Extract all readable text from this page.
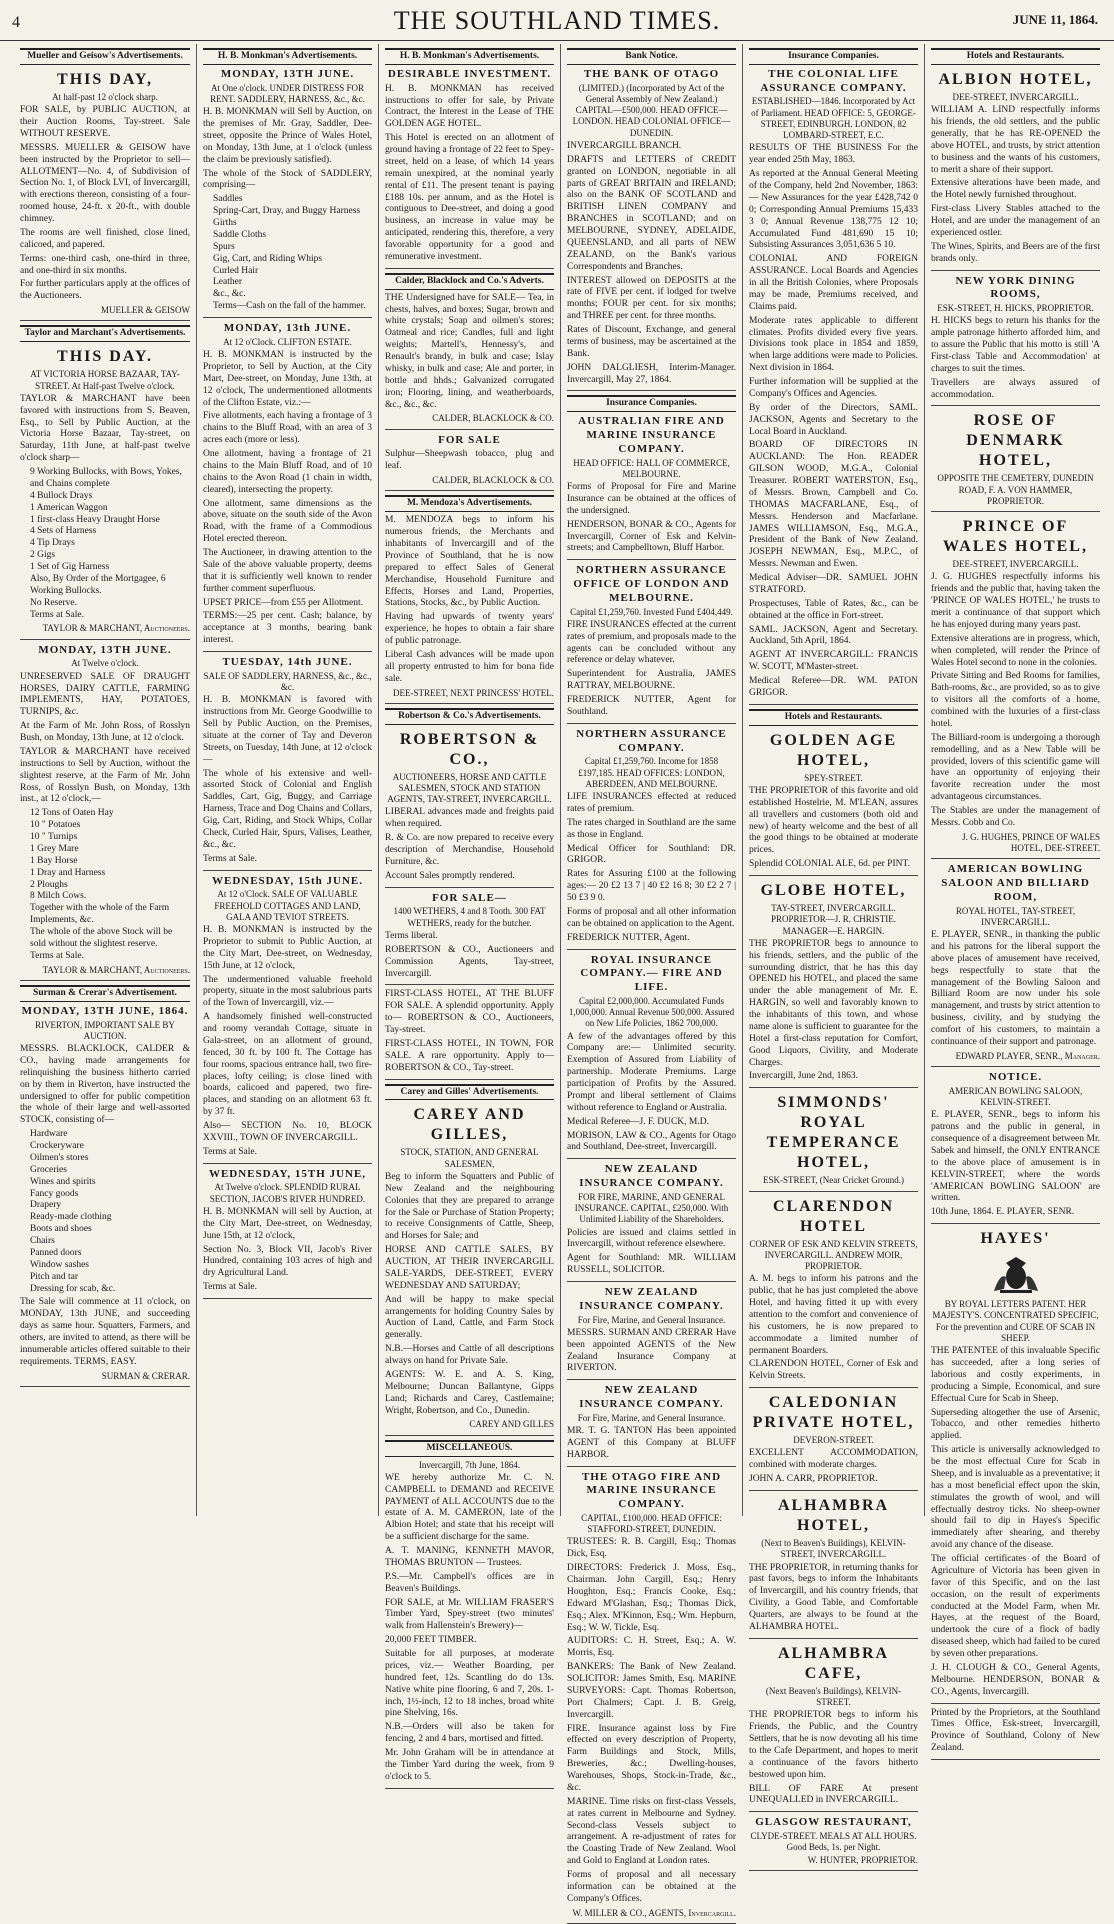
4	THE SOUTHLAND TIMES.	JUNE 11, 1864.
Mueller and Geisow's Advertisements.
THIS DAY,
At half-past 12 o'clock sharp.
FOR SALE, by PUBLIC AUCTION, at their Auction Rooms, Tay-street. Sale WITHOUT RESERVE.
MESSRS. MUELLER & GEISOW have been instructed by the Proprietor to sell— ALLOTMENT—No. 4, of Subdivision of Section No. 1, of Block LVI, of Invercargill, with erections thereon, consisting of a four-roomed house, 24-ft. x 20-ft., with double chimney.
The rooms are well finished, close lined, calicoed, and papered.
Terms: one-third cash, one-third in three, and one-third in six months.
For further particulars apply at the offices of the Auctioneers.
MUELLER & GEISOW
Taylor and Marchant's Advertisements.
THIS DAY.
AT VICTORIA HORSE BAZAAR, TAY-STREET. At Half-past Twelve o'clock.
TAYLOR & MARCHANT have been favored with instructions from S. Beaven, Esq., to Sell by Public Auction, at the Victoria Horse Bazaar, Tay-street, on Saturday, 11th June, at half-past twelve o'clock sharp—
9 Working Bullocks, with Bows, Yokes, and Chains complete
4 Bullock Drays
1 American Waggon
1 first-class Heavy Draught Horse
4 Sets of Harness
4 Tip Drays
2 Gigs
1 Set of Gig Harness
Also, By Order of the Mortgagee, 6 Working Bullocks.
No Reserve.
Terms at Sale.
TAYLOR & MARCHANT, Auctioneers.
MONDAY, 13TH JUNE.
At Twelve o'clock.
UNRESERVED SALE OF DRAUGHT HORSES, DAIRY CATTLE, FARMING IMPLEMENTS, HAY, POTATOES, TURNIPS, &c.
At the Farm of Mr. John Ross, of Rosslyn Bush, on Monday, 13th June, at 12 o'clock.
TAYLOR & MARCHANT have received instructions to Sell by Auction, without the slightest reserve, at the Farm of Mr. John Ross, of Rosslyn Bush, on Monday, 13th inst., at 12 o'clock,—
12 Tons of Oaten Hay
10 " Potatoes
10 " Turnips
1 Grey Mare
1 Bay Horse
1 Dray and Harness
2 Ploughs
8 Milch Cows.
Together with the whole of the Farm Implements, &c.
The whole of the above Stock will be sold without the slightest reserve.
Terms at Sale.
TAYLOR & MARCHANT, Auctioneers.
Surman & Crerar's Advertisement.
MONDAY, 13TH JUNE, 1864.
RIVERTON, IMPORTANT SALE BY AUCTION.
MESSRS. BLACKLOCK, CALDER & CO., having made arrangements for relinquishing the business hitherto carried on by them in Riverton, have instructed the undersigned to offer for public competition the whole of their large and well-assorted STOCK, consisting of—
Hardware
Crockeryware
Oilmen's stores
Groceries
Wines and spirits
Fancy goods
Drapery
Ready-made clothing
Boots and shoes
Chairs
Panned doors
Window sashes
Pitch and tar
Dressing for scab, &c.
The Sale will commence at 11 o'clock, on MONDAY, 13th JUNE, and succeeding days as same hour. Squatters, Farmers, and others, are invited to attend, as there will be innumerable articles offered suitable to their requirements. TERMS, EASY.
SURMAN & CRERAR.
H. B. Monkman's Advertisements.
MONDAY, 13TH JUNE.
At One o'clock. UNDER DISTRESS FOR RENT. SADDLERY, HARNESS, &c., &c.
H. B. MONKMAN will Sell by Auction, on the premises of Mr. Gray, Saddler, Dee-street, opposite the Prince of Wales Hotel, on Monday, 13th June, at 1 o'clock (unless the claim be previously satisfied).
The whole of the Stock of SADDLERY, comprising—
Saddles
Spring-Cart, Dray, and Buggy Harness
Girths
Saddle Cloths
Spurs
Gig, Cart, and Riding Whips
Curled Hair
Leather
&c., &c.
Terms—Cash on the fall of the hammer.
MONDAY, 13th JUNE.
At 12 o'Clock. CLIFTON ESTATE.
H. B. MONKMAN is instructed by the Proprietor, to Sell by Auction, at the City Mart, Dee-street, on Monday, June 13th, at 12 o'clock, The undermentioned allotments of the Clifton Estate, viz.:—
Five allotments, each having a frontage of 3 chains to the Bluff Road, with an area of 3 acres each (more or less).
One allotment, having a frontage of 21 chains to the Main Bluff Road, and of 10 chains to the Avon Road (1 chain in width, cleared), intersecting the property.
One allotment, same dimensions as the above, situate on the south side of the Avon Road, with the frame of a Commodious Hotel erected thereon.
The Auctioneer, in drawing attention to the Sale of the above valuable property, deems that it is sufficiently well known to render further comment superfluous.
UPSET PRICE—from £55 per Allotment.
TERMS:—25 per cent. Cash; balance, by acceptance at 3 months, bearing bank interest.
TUESDAY, 14th JUNE.
SALE OF SADDLERY, HARNESS, &c., &c., &c.
H. B. MONKMAN is favored with instructions from Mr. George Goodwillie to Sell by Public Auction, on the Premises, situate at the corner of Tay and Deveron Streets, on Tuesday, 14th June, at 12 o'clock—
The whole of his extensive and well-assorted Stock of Colonial and English Saddles, Cart, Gig, Buggy, and Carriage Harness, Trace and Dog Chains and Collars, Gig, Cart, Riding, and Stock Whips, Collar Check, Curled Hair, Spurs, Valises, Leather, &c., &c.
Terms at Sale.
WEDNESDAY, 15th JUNE.
At 12 o'Clock. SALE OF VALUABLE FREEHOLD COTTAGES AND LAND, GALA AND TEVIOT STREETS.
H. B. MONKMAN is instructed by the Proprietor to submit to Public Auction, at the City Mart, Dee-street, on Wednesday, 15th June, at 12 o'clock,
The undermentioned valuable freehold property, situate in the most salubrious parts of the Town of Invercargill, viz.—
A handsomely finished well-constructed and roomy verandah Cottage, situate in Gala-street, on an allotment of ground, fenced, 30 ft. by 100 ft. The Cottage has four rooms, spacious entrance hall, two fire-places, lofty ceiling; is close lined with boards, calicoed and papered, two fire-places, and standing on an allotment 63 ft. by 37 ft.
Also— SECTION No. 10, BLOCK XXVIII., TOWN OF INVERCARGILL.
Terms at Sale.
WEDNESDAY, 15TH JUNE,
At Twelve o'clock. SPLENDID RURAL SECTION, JACOB'S RIVER HUNDRED.
H. B. MONKMAN will sell by Auction, at the City Mart, Dee-street, on Wednesday, June 15th, at 12 o'clock,
Section No. 3, Block VII, Jacob's River Hundred, containing 103 acres of high and dry Agricultural Land.
Terms at Sale.
H. B. Monkman's Advertisements.
DESIRABLE INVESTMENT.
H. B. MONKMAN has received instructions to offer for sale, by Private Contract, the Interest in the Lease of THE GOLDEN AGE HOTEL.
This Hotel is erected on an allotment of ground having a frontage of 22 feet to Spey-street, held on a lease, of which 14 years remain unexpired, at the nominal yearly rental of £11. The present tenant is paying £188 10s. per annum, and as the Hotel is contiguous to Dee-street, and doing a good business, an increase in value may be anticipated, rendering this, therefore, a very favorable opportunity for a good and remunerative investment.
Calder, Blacklock and Co.'s Adverts.
THE Undersigned have for SALE— Tea, in chests, halves, and boxes; Sugar, brown and white crystals; Soap and oilmen's stores; Oatmeal and rice; Candles, full and light weights; Martell's, Hennessy's, and Renault's brandy, in bulk and case; Islay whisky, in bulk and case; Ale and porter, in bottle and hhds.; Galvanized corrugated iron; Flooring, lining, and weatherboards, &c., &c., &c.
CALDER, BLACKLOCK & CO.
FOR SALE
Sulphur—Sheepwash tobacco, plug and leaf.
CALDER, BLACKLOCK & CO.
M. Mendoza's Advertisements.
M. MENDOZA begs to inform his numerous friends, the Merchants and inhabitants of Invercargill and of the Province of Southland, that he is now prepared to effect Sales of General Merchandise, Household Furniture and Effects, Horses and Land, Properties, Stations, Stocks, &c., by Public Auction.
Having had upwards of twenty years' experience, he hopes to obtain a fair share of public patronage.
Liberal Cash advances will be made upon all property entrusted to him for bona fide sale.
DEE-STREET, NEXT PRINCESS' HOTEL.
Robertson & Co.'s Advertisements.
ROBERTSON & CO.,
AUCTIONEERS, HORSE AND CATTLE SALESMEN, STOCK AND STATION AGENTS, TAY-STREET, INVERCARGILL.
LIBERAL advances made and freights paid when required.
R. & Co. are now prepared to receive every description of Merchandise, Household Furniture, &c.
Account Sales promptly rendered.
FOR SALE—
1400 WETHERS, 4 and 8 Tooth. 300 FAT WETHERS, ready for the butcher.
Terms liberal.
ROBERTSON & CO., Auctioneers and Commission Agents, Tay-street, Invercargill.
FIRST-CLASS HOTEL, AT THE BLUFF FOR SALE. A splendid opportunity. Apply to— ROBERTSON & CO., Auctioneers, Tay-street.
FIRST-CLASS HOTEL, IN TOWN, FOR SALE. A rare opportunity. Apply to— ROBERTSON & CO., Tay-street.
Carey and Gilles' Advertisements.
CAREY AND GILLES,
STOCK, STATION, AND GENERAL SALESMEN,
Beg to inform the Squatters and Public of New Zealand and the neighbouring Colonies that they are prepared to arrange for the Sale or Purchase of Station Property; to receive Consignments of Cattle, Sheep, and Horses for Sale; and
HORSE AND CATTLE SALES, BY AUCTION, AT THEIR INVERCARGILL SALE-YARDS, DEE-STREET, EVERY WEDNESDAY AND SATURDAY;
And will be happy to make special arrangements for holding Country Sales by Auction of Land, Cattle, and Farm Stock generally.
N.B.—Horses and Cattle of all descriptions always on hand for Private Sale.
AGENTS: W. E. and A. S. King, Melbourne; Duncan Ballantyne, Gipps Land; Richards and Carey, Castlemaine; Wright, Robertson, and Co., Dunedin.
CAREY AND GILLES
MISCELLANEOUS.
Invercargill, 7th June, 1864.
WE hereby authorize Mr. C. N. CAMPBELL to DEMAND and RECEIVE PAYMENT of ALL ACCOUNTS due to the estate of A. M. CAMERON, late of the Albion Hotel; and state that his receipt will be a sufficient discharge for the same.
A. T. MANING, KENNETH MAVOR, THOMAS BRUNTON — Trustees.
P.S.—Mr. Campbell's offices are in Beaven's Buildings.
FOR SALE, at Mr. WILLIAM FRASER'S Timber Yard, Spey-street (two minutes' walk from Hallenstein's Brewery)—
20,000 FEET TIMBER.
Suitable for all purposes, at moderate prices, viz.— Weather Boarding, per hundred feet, 12s. Scantling do do 13s. Native white pine flooring, 6 and 7, 20s. 1-inch, 1½-inch, 12 to 18 inches, broad white pine Shelving, 16s.
N.B.—Orders will also be taken for fencing, 2 and 4 bars, mortised and fitted.
Mr. John Graham will be in attendance at the Timber Yard during the week, from 9 o'clock to 5.
Bank Notice.
THE BANK OF OTAGO
(LIMITED.) (Incorporated by Act of the General Assembly of New Zealand.) CAPITAL—£500,000. HEAD OFFICE—LONDON. HEAD COLONIAL OFFICE—DUNEDIN.
INVERCARGILL BRANCH.
DRAFTS and LETTERS of CREDIT granted on LONDON, negotiable in all parts of GREAT BRITAIN and IRELAND; also on the BANK OF SCOTLAND and BRITISH LINEN COMPANY and BRANCHES in SCOTLAND; and on MELBOURNE, SYDNEY, ADELAIDE, QUEENSLAND, and all parts of NEW ZEALAND, on the Bank's various Correspondents and Branches.
INTEREST allowed on DEPOSITS at the rate of FIVE per cent. if lodged for twelve months; FOUR per cent. for six months; and THREE per cent. for three months.
Rates of Discount, Exchange, and general terms of business, may be ascertained at the Bank.
JOHN DALGLIESH, Interim-Manager. Invercargill, May 27, 1864.
Insurance Companies.
AUSTRALIAN FIRE AND MARINE INSURANCE COMPANY.
HEAD OFFICE: HALL OF COMMERCE, MELBOURNE.
Forms of Proposal for Fire and Marine Insurance can be obtained at the offices of the undersigned.
HENDERSON, BONAR & CO., Agents for Invercargill, Corner of Esk and Kelvin-streets; and Campbelltown, Bluff Harbor.
NORTHERN ASSURANCE OFFICE OF LONDON AND MELBOURNE.
Capital £1,259,760. Invested Fund £404,449.
FIRE INSURANCES effected at the current rates of premium, and proposals made to the agents can be concluded without any reference or delay whatever.
Superintendent for Australia, JAMES RATTRAY, MELBOURNE.
FREDERICK NUTTER, Agent for Southland.
NORTHERN ASSURANCE COMPANY.
Capital £1,259,760. Income for 1858 £197,185. HEAD OFFICES: LONDON, ABERDEEN, AND MELBOURNE.
LIFE INSURANCES effected at reduced rates of premium.
The rates charged in Southland are the same as those in England.
Medical Officer for Southland: DR. GRIGOR.
Rates for Assuring £100 at the following ages:— 20 £2 13 7 | 40 £2 16 8; 30 £2 2 7 | 50 £3 9 0.
Forms of proposal and all other information can be obtained on application to the Agent.
FREDERICK NUTTER, Agent.
ROYAL INSURANCE COMPANY.— FIRE AND LIFE.
Capital £2,000,000. Accumulated Funds 1,000,000. Annual Revenue 500,000. Assured on New Life Policies, 1862 700,000.
A few of the advantages offered by this Company are:— Unlimited security. Exemption of Assured from Liability of partnership. Moderate Premiums. Large participation of Profits by the Assured. Prompt and liberal settlement of Claims without reference to England or Australia.
Medical Referee—J. F. DUCK, M.D.
MORISON, LAW & CO., Agents for Otago and Southland, Dee-street, Invercargill.
NEW ZEALAND INSURANCE COMPANY.
FOR FIRE, MARINE, AND GENERAL INSURANCE. CAPITAL, £250,000. With Unlimited Liability of the Shareholders.
Policies are issued and claims settled in Invercargill, without reference elsewhere.
Agent for Southland: MR. WILLIAM RUSSELL, SOLICITOR.
NEW ZEALAND INSURANCE COMPANY.
For Fire, Marine, and General Insurance.
MESSRS. SURMAN AND CRERAR Have been appointed AGENTS of the New Zealand Insurance Company at RIVERTON.
NEW ZEALAND INSURANCE COMPANY.
For Fire, Marine, and General Insurance.
MR. T. G. TANTON Has been appointed AGENT of this Company at BLUFF HARBOR.
THE OTAGO FIRE AND MARINE INSURANCE COMPANY.
CAPITAL, £100,000. HEAD OFFICE: STAFFORD-STREET, DUNEDIN.
TRUSTEES: R. B. Cargill, Esq.; Thomas Dick, Esq.
DIRECTORS: Frederick J. Moss, Esq., Chairman. John Cargill, Esq.; Henry Houghton, Esq.; Francis Cooke, Esq.; Edward M'Glashan, Esq.; Thomas Dick, Esq.; Alex. M'Kinnon, Esq.; Wm. Hepburn, Esq.; W. W. Tickle, Esq.
AUDITORS: C. H. Street, Esq.; A. W. Morris, Esq.
BANKERS: The Bank of New Zealand. SOLICITOR: James Smith, Esq. MARINE SURVEYORS: Capt. Thomas Robertson, Port Chalmers; Capt. J. B. Greig, Invercargill.
FIRE. Insurance against loss by Fire effected on every description of Property, Farm Buildings and Stock, Mills, Breweries, &c.; Dwelling-houses, Warehouses, Shops, Stock-in-Trade, &c., &c.
MARINE. Time risks on first-class Vessels, at rates current in Melbourne and Sydney. Second-class Vessels subject to arrangement. A re-adjustment of rates for the Coasting Trade of New Zealand. Wool and Gold to England at London rates.
Forms of proposal and all necessary information can be obtained at the Company's Offices.
W. MILLER & CO., AGENTS, Invercargill.
Insurance Companies.
THE COLONIAL LIFE ASSURANCE COMPANY.
ESTABLISHED—1846. Incorporated by Act of Parliament. HEAD OFFICE: 5, GEORGE-STREET, EDINBURGH. LONDON, 82 LOMBARD-STREET, E.C.
RESULTS OF THE BUSINESS For the year ended 25th May, 1863.
As reported at the Annual General Meeting of the Company, held 2nd November, 1863:— New Assurances for the year £428,742 0 0; Corresponding Annual Premiums 15,433 3 0; Annual Revenue 138,775 12 10; Accumulated Fund 481,690 15 10; Subsisting Assurances 3,051,636 5 10.
COLONIAL AND FOREIGN ASSURANCE. Local Boards and Agencies in all the British Colonies, where Proposals may be made, Premiums received, and Claims paid.
Moderate rates applicable to different climates. Profits divided every five years. Divisions took place in 1854 and 1859, when large additions were made to Policies. Next division in 1864.
Further information will be supplied at the Company's Offices and Agencies.
By order of the Directors, SAML. JACKSON, Agents and Secretary to the Local Board in Auckland.
BOARD OF DIRECTORS IN AUCKLAND: The Hon. READER GILSON WOOD, M.G.A., Colonial Treasurer. ROBERT WATERSTON, Esq., of Messrs. Brown, Campbell and Co. THOMAS MACFARLANE, Esq., of Messrs. Henderson and Macfarlane. JAMES WILLIAMSON, Esq., M.G.A., President of the Bank of New Zealand. JOSEPH NEWMAN, Esq., M.P.C., of Messrs. Newman and Ewen.
Medical Adviser—DR. SAMUEL JOHN STRATFORD.
Prospectuses, Table of Rates, &c., can be obtained at the office in Fort-street.
SAML. JACKSON, Agent and Secretary. Auckland, 5th April, 1864.
AGENT AT INVERCARGILL: FRANCIS W. SCOTT, M'Master-street.
Medical Referee—DR. WM. PATON GRIGOR.
Hotels and Restaurants.
GOLDEN AGE HOTEL,
SPEY-STREET.
THE PROPRIETOR of this favorite and old established Hostelrie, M. M'LEAN, assures all travellers and customers (both old and new) of hearty welcome and the best of all the good things to be obtained at moderate prices.
Splendid COLONIAL ALE, 6d. per PINT.
GLOBE HOTEL,
TAY-STREET, INVERCARGILL. PROPRIETOR—J. R. CHRISTIE. MANAGER—E. HARGIN.
THE PROPRIETOR begs to announce to his friends, settlers, and the public of the surrounding district, that he has this day OPENED his HOTEL, and placed the same under the able management of Mr. E. HARGIN, so well and favorably known to the inhabitants of this town, and whose name alone is sufficient to guarantee for the Hotel a first-class reputation for Comfort, Good Liquors, Civility, and Moderate Charges.
Invercargill, June 2nd, 1863.
SIMMONDS' ROYAL TEMPERANCE HOTEL,
ESK-STREET, (Near Cricket Ground.)
CLARENDON HOTEL
CORNER OF ESK AND KELVIN STREETS, INVERCARGILL. ANDREW MOIR, PROPRIETOR.
A. M. begs to inform his patrons and the public, that he has just completed the above Hotel, and having fitted it up with every attention to the comfort and convenience of his customers, he is now prepared to accommodate a limited number of permanent Boarders.
CLARENDON HOTEL, Corner of Esk and Kelvin Streets.
CALEDONIAN PRIVATE HOTEL,
DEVERON-STREET.
EXCELLENT ACCOMMODATION, combined with moderate charges.
JOHN A. CARR, PROPRIETOR.
ALHAMBRA HOTEL,
(Next to Beaven's Buildings), KELVIN-STREET, INVERCARGILL.
THE PROPRIETOR, in returning thanks for past favors, begs to inform the Inhabitants of Invercargill, and his country friends, that Civility, a Good Table, and Comfortable Quarters, are always to be found at the ALHAMBRA HOTEL.
ALHAMBRA CAFE,
(Next Beaven's Buildings), KELVIN-STREET.
THE PROPRIETOR begs to inform his Friends, the Public, and the Country Settlers, that he is now devoting all his time to the Cafe Department, and hopes to merit a continuance of the favors hitherto bestowed upon him.
BILL OF FARE At present UNEQUALLED in INVERCARGILL.
GLASGOW RESTAURANT,
CLYDE-STREET. MEALS AT ALL HOURS. Good Beds, 1s. per Night.
W. HUNTER, PROPRIETOR.
Hotels and Restaurants.
ALBION HOTEL,
DEE-STREET, INVERCARGILL.
WILLIAM A. LIND respectfully informs his friends, the old settlers, and the public generally, that he has RE-OPENED the above HOTEL, and trusts, by strict attention to business and the wants of his customers, to merit a share of their support.
Extensive alterations have been made, and the Hotel newly furnished throughout.
First-class Livery Stables attached to the Hotel, and are under the management of an experienced ostler.
The Wines, Spirits, and Beers are of the first brands only.
NEW YORK DINING ROOMS,
ESK-STREET, H. HICKS, PROPRIETOR.
H. HICKS begs to return his thanks for the ample patronage hitherto afforded him, and to assure the Public that his motto is still 'A First-class Table and Accommodation' at charges to suit the times.
Travellers are always assured of accommodation.
ROSE OF DENMARK HOTEL,
OPPOSITE THE CEMETERY, DUNEDIN ROAD, F. A. VON HAMMER, PROPRIETOR.
PRINCE OF WALES HOTEL,
DEE-STREET, INVERCARGILL.
J. G. HUGHES respectfully informs his friends and the public that, having taken the 'PRINCE OF WALES HOTEL,' he trusts to merit a continuance of that support which he has enjoyed during many years past.
Extensive alterations are in progress, which, when completed, will render the Prince of Wales Hotel second to none in the colonies.
Private Sitting and Bed Rooms for families, Bath-rooms, &c., are provided, so as to give to visitors all the comforts of a home, combined with the luxuries of a first-class hotel.
The Billiard-room is undergoing a thorough remodelling, and as a New Table will be provided, lovers of this scientific game will have an opportunity of enjoying their favorite recreation under the most advantageous circumstances.
The Stables are under the management of Messrs. Cobb and Co.
J. G. HUGHES, PRINCE OF WALES HOTEL, DEE-STREET.
AMERICAN BOWLING SALOON AND BILLIARD ROOM,
ROYAL HOTEL, TAY-STREET, INVERCARGILL.
E. PLAYER, SENR., in thanking the public and his patrons for the liberal support the above places of amusement have received, begs respectfully to state that the management of the Bowling Saloon and Billiard Room are now under his sole management, and trusts by strict attention to business, civility, and by studying the comfort of his customers, to maintain a continuance of their support and patronage.
EDWARD PLAYER, SENR., Manager.
NOTICE.
AMERICAN BOWLING SALOON, KELVIN-STREET.
E. PLAYER, SENR., begs to inform his patrons and the public in general, in consequence of a disagreement between Mr. Sabek and himself, the ONLY ENTRANCE to the above place of amusement is in KELVIN-STREET, where the words 'AMERICAN BOWLING SALOON' are written.
10th June, 1864. E. PLAYER, SENR.
HAYES'
BY ROYAL LETTERS PATENT. HER MAJESTY'S. CONCENTRATED SPECIFIC, For the prevention and CURE OF SCAB IN SHEEP.
THE PATENTEE of this invaluable Specific has succeeded, after a long series of laborious and costly experiments, in producing a Simple, Economical, and sure Effectual Cure for Scab in Sheep.
Superseding altogether the use of Arsenic, Tobacco, and other remedies hitherto applied.
This article is universally acknowledged to be the most effectual Cure for Scab in Sheep, and is invaluable as a preventative; it has a most beneficial effect upon the skin, stimulates the growth of wool, and will effectually destroy ticks. No sheep-owner should fail to dip in Hayes's Specific immediately after shearing, and thereby avoid any chance of the disease.
The official certificates of the Board of Agriculture of Victoria has been given in favor of this Specific, and on the last occasion, on the result of experiments conducted at the Model Farm, when Mr. Hayes, at the request of the Board, undertook the cure of a flock of badly diseased sheep, which had failed to be cured by seven other preparations.
J. H. CLOUGH & CO., General Agents, Melbourne. HENDERSON, BONAR & CO., Agents, Invercargill.
Printed by the Proprietors, at the Southland Times Office, Esk-street, Invercargill, Province of Southland, Colony of New Zealand.
